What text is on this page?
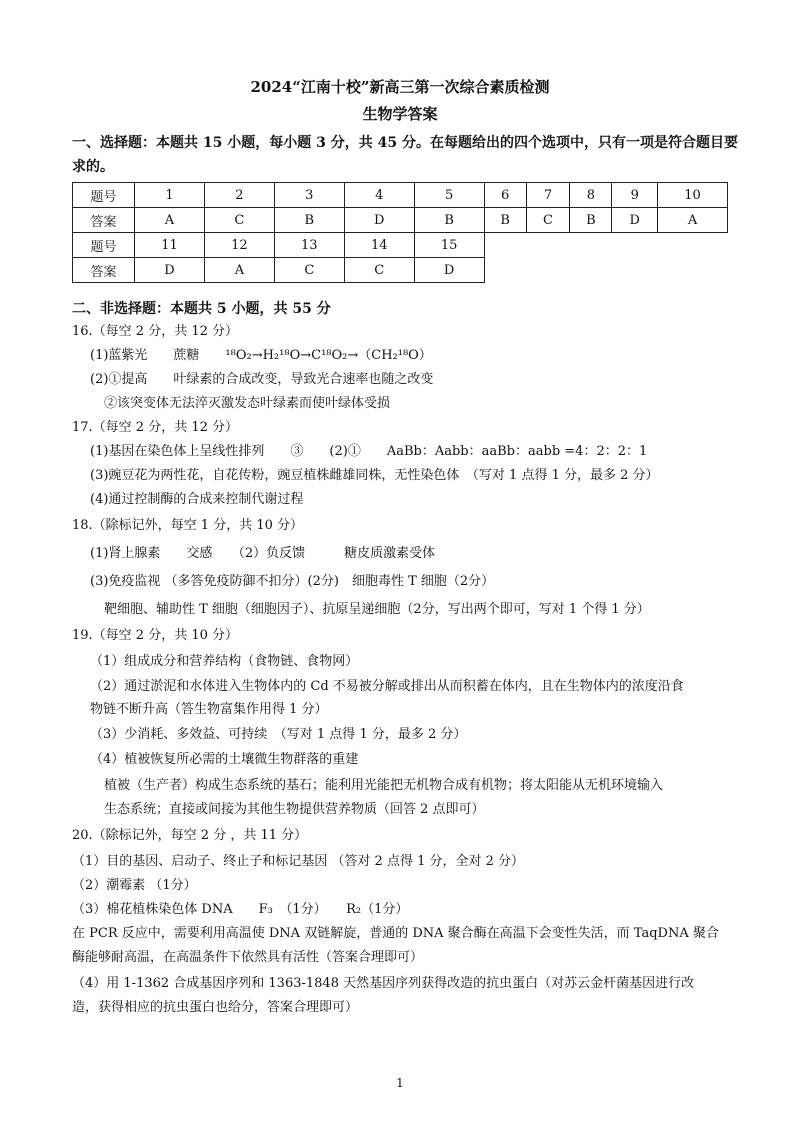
2024“江南十校”新高三第一次综合素质检测
生物学答案
一、选择题：本题共 15 小题，每小题 3 分，共 45 分。在每题给出的四个选项中，只有一项是符合题目要
求的。
题号	1	2	3	4	5	6	7	8	9	10
答案	A	C	B	D	B	B	C	B	D	A
题号	11	12	13	14	15					
答案	D	A	C	C	D					
二、非选择题：本题共 5 小题，共 55 分
16.（每空 2 分，共 12 分）
(1)蓝紫光　　蔗糖　　¹⁸O₂→H₂¹⁸O→C¹⁸O₂→（CH₂¹⁸O）
(2)①提高　　叶绿素的合成改变，导致光合速率也随之改变
②该突变体无法淬灭激发态叶绿素而使叶绿体受损
17.（每空 2 分，共 12 分）
(1)基因在染色体上呈线性排列　　③　　(2)①　　AaBb：Aabb：aaBb：aabb =4：2：2：1
(3)豌豆花为两性花，自花传粉，豌豆植株雌雄同株，无性染色体　（写对 1 点得 1 分，最多 2 分）
(4)通过控制酶的合成来控制代谢过程
18.（除标记外，每空 1 分，共 10 分）
(1)肾上腺素　　交感　　（2）负反馈　　　糖皮质激素受体
(3)免疫监视 （多答免疫防御不扣分）(2分)　细胞毒性 T 细胞（2分）
靶细胞、辅助性 T 细胞（细胞因子）、抗原呈递细胞（2分，写出两个即可，写对 1 个得 1 分）
19.（每空 2 分，共 10 分）
（1）组成成分和营养结构（食物链、食物网）
（2）通过淤泥和水体进入生物体内的 Cd 不易被分解或排出从而积蓄在体内，且在生物体内的浓度沿食
物链不断升高（答生物富集作用得 1 分）
（3）少消耗、多效益、可持续　（写对 1 点得 1 分，最多 2 分）
（4）植被恢复所必需的土壤微生物群落的重建
植被（生产者）构成生态系统的基石；能利用光能把无机物合成有机物；将太阳能从无机环境输入
生态系统；直接或间接为其他生物提供营养物质（回答 2 点即可）
20.（除标记外，每空 2 分 ，共 11 分）
（1）目的基因、启动子、终止子和标记基因 （答对 2 点得 1 分，全对 2 分）
（2）潮霉素 （1分）
（3）棉花植株染色体 DNA　　F₃　（1分）　　R₂（1分）
在 PCR 反应中，需要利用高温使 DNA 双链解旋，普通的 DNA 聚合酶在高温下会变性失活，而 TaqDNA 聚合
酶能够耐高温，在高温条件下依然具有活性（答案合理即可）
（4）用 1-1362 合成基因序列和 1363-1848 天然基因序列获得改造的抗虫蛋白（对苏云金杆菌基因进行改
造，获得相应的抗虫蛋白也给分，答案合理即可）
1
